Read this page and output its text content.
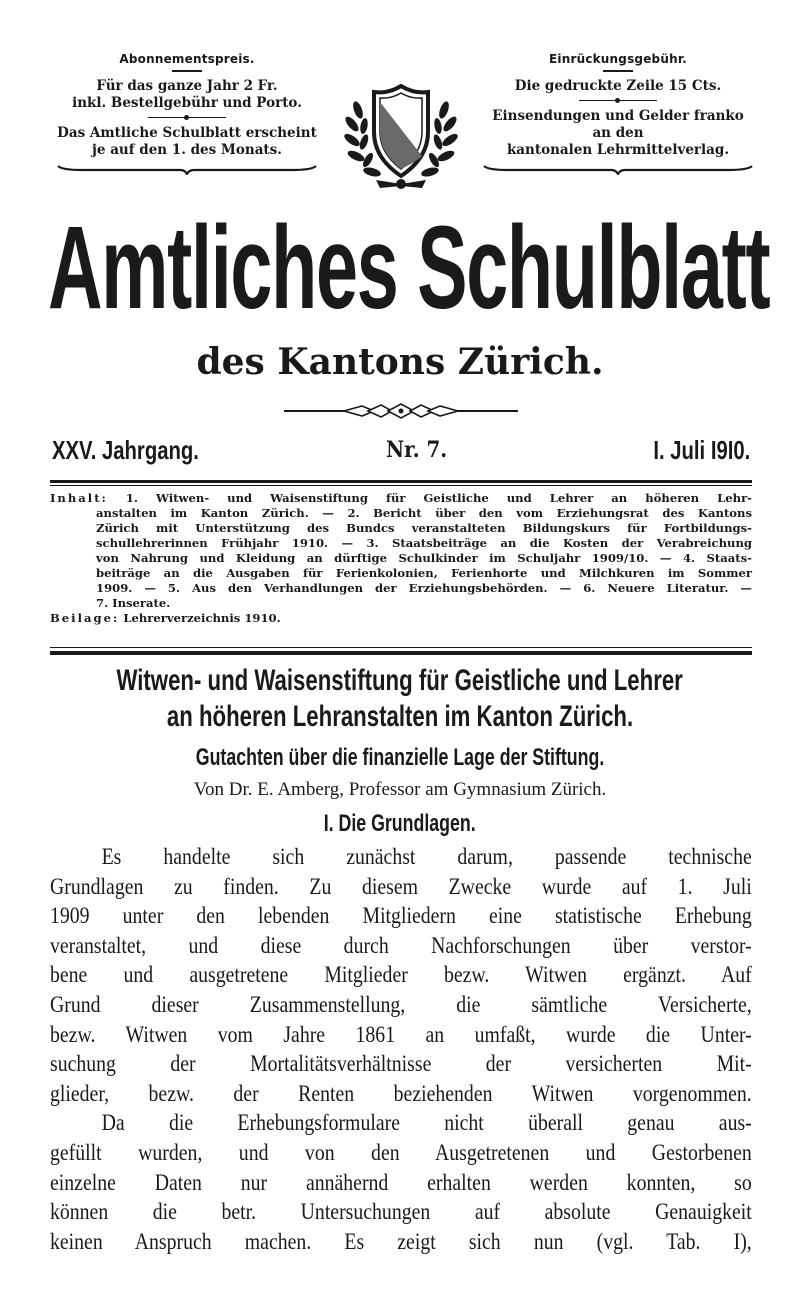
Abonnementspreis.
Für das ganze Jahr 2 Fr.
inkl. Bestellgebühr und Porto.
Das Amtliche Schulblatt erscheint
je auf den 1. des Monats.
Einrückungsgebühr.
Die gedruckte Zeile 15 Cts.
Einsendungen und Gelder franko
an den
kantonalen Lehrmittelverlag.
Amtliches Schulblatt
des Kantons Zürich.
XXV. Jahrgang.	Nr. 7.	I. Juli I9I0.
Inhalt: 1. Witwen- und Waisenstiftung für Geistliche und Lehrer an höheren Lehr-
anstalten im Kanton Zürich. — 2. Bericht über den vom Erziehungsrat des Kantons
Zürich mit Unterstützung des Bundcs veranstalteten Bildungskurs für Fortbildungs-
schullehrerinnen Frühjahr 1910. — 3. Staatsbeiträge an die Kosten der Verabreichung
von Nahrung und Kleidung an dürftige Schulkinder im Schuljahr 1909/10. — 4. Staats-
beiträge an die Ausgaben für Ferienkolonien, Ferienhorte und Milchkuren im Sommer
1909. — 5. Aus den Verhandlungen der Erziehungsbehörden. — 6. Neuere Literatur. —
7. Inserate.
Beilage: Lehrerverzeichnis 1910.
Witwen- und Waisenstiftung für Geistliche und Lehrer
an höheren Lehranstalten im Kanton Zürich.
Gutachten über die finanzielle Lage der Stiftung.
Von Dr. E. Amberg, Professor am Gymnasium Zürich.
I. Die Grundlagen.
Es handelte sich zunächst darum, passende technische
Grundlagen zu finden. Zu diesem Zwecke wurde auf 1. Juli
1909 unter den lebenden Mitgliedern eine statistische Erhebung
veranstaltet, und diese durch Nachforschungen über verstor-
bene und ausgetretene Mitglieder bezw. Witwen ergänzt. Auf
Grund dieser Zusammenstellung, die sämtliche Versicherte,
bezw. Witwen vom Jahre 1861 an umfaßt, wurde die Unter-
suchung der Mortalitätsverhältnisse der versicherten Mit-
glieder, bezw. der Renten beziehenden Witwen vorgenommen.
Da die Erhebungsformulare nicht überall genau aus-
gefüllt wurden, und von den Ausgetretenen und Gestorbenen
einzelne Daten nur annähernd erhalten werden konnten, so
können die betr. Untersuchungen auf absolute Genauigkeit
keinen Anspruch machen. Es zeigt sich nun (vgl. Tab. I),
